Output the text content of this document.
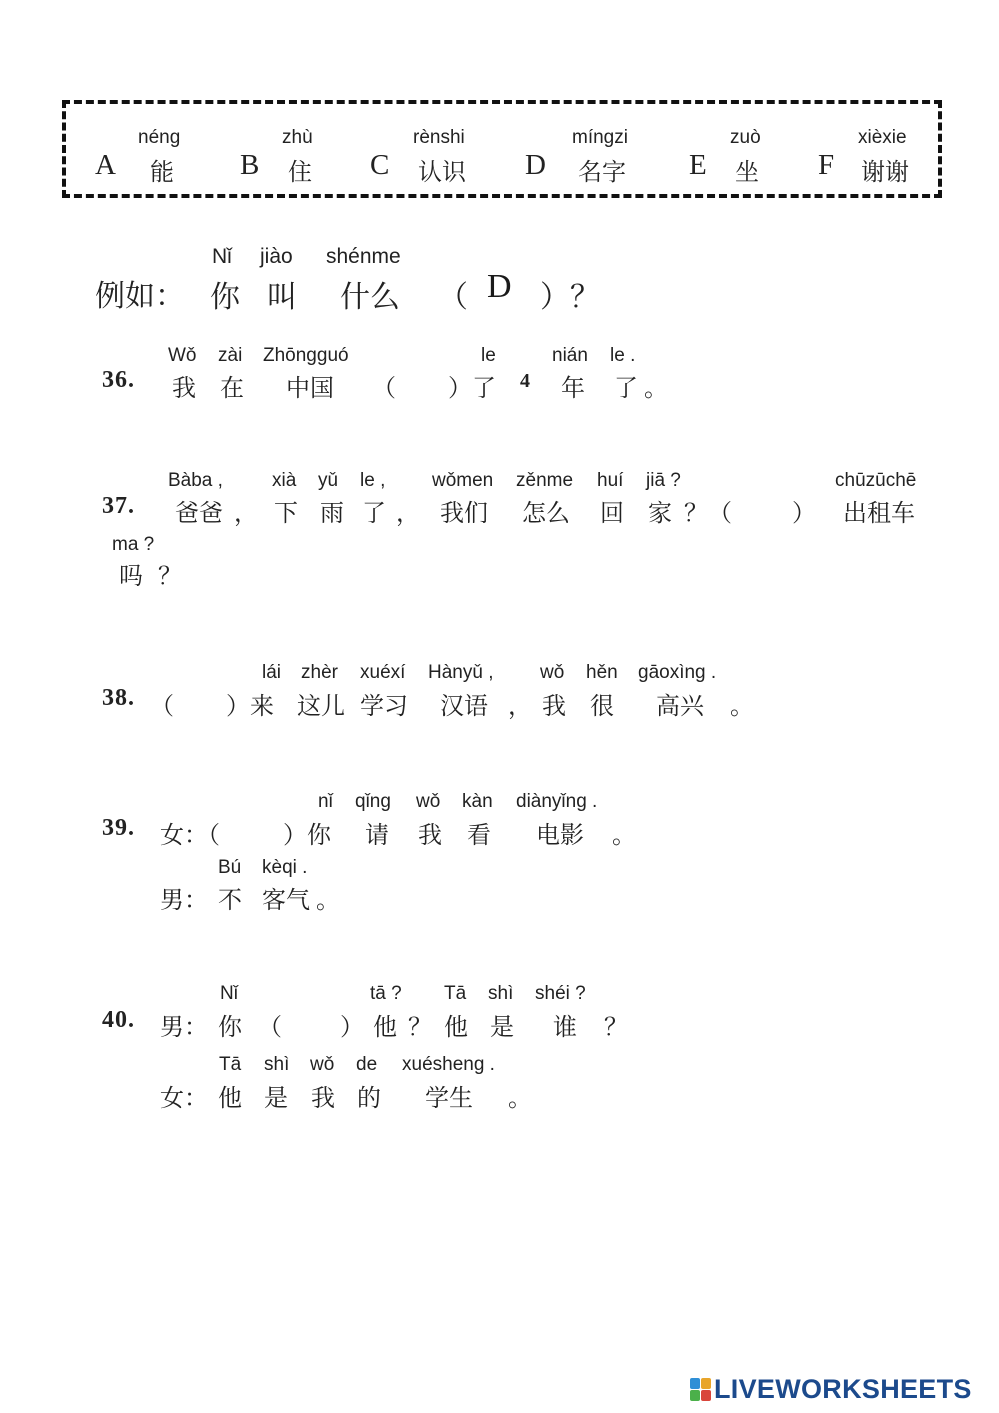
néng
A 能
zhù
B 住
rènshi
C 认识
míngzi
D 名字
zuò
E 坐
xièxie
F 谢谢
Nǐ jiào shénme
例如： 你 叫 什么 （ D ）？
Wǒ zài Zhōngguó	le	nián le .
36. 我 在 中国 （ ）了 4 年 了 。
Bàba ,	xià yǔ le , wǒmen zěnme huí jiā ?	chūzūchē
37. 爸爸 ， 下 雨 了 ， 我们 怎么 回 家 ？（	） 出租车
ma ?
吗 ？
lái zhèr xuéxí Hànyǔ , wǒ hěn gāoxìng .
38. （ ）来 这儿 学习 汉语 ， 我 很 高兴 。
nǐ qǐng wǒ kàn diànyǐng .
39. 女：（	）你 请 我 看 电影 。
Bú kèqi .
男： 不 客气 。
Nǐ	tā ? Tā shì shéi ?
40. 男： 你 （ ） 他 ？ 他 是 谁 ？
Tā shì wǒ de xuésheng .
女： 他 是 我 的 学生 。
LIVEWORKSHEETS
